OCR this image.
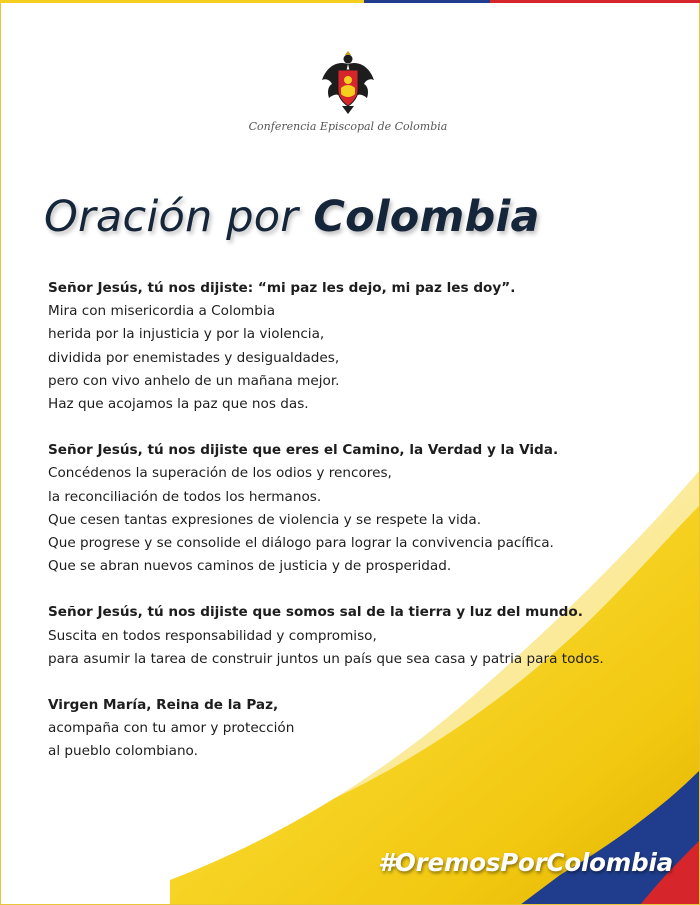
Conferencia Episcopal de Colombia
Oración por Colombia
Señor Jesús, tú nos dijiste: “mi paz les dejo, mi paz les doy”.
Mira con misericordia a Colombia
herida por la injusticia y por la violencia,
dividida por enemistades y desigualdades,
pero con vivo anhelo de un mañana mejor.
Haz que acojamos la paz que nos das.
Señor Jesús, tú nos dijiste que eres el Camino, la Verdad y la Vida.
Concédenos la superación de los odios y rencores,
la reconciliación de todos los hermanos.
Que cesen tantas expresiones de violencia y se respete la vida.
Que progrese y se consolide el diálogo para lograr la convivencia pacífica.
Que se abran nuevos caminos de justicia y de prosperidad.
Señor Jesús, tú nos dijiste que somos sal de la tierra y luz del mundo.
Suscita en todos responsabilidad y compromiso,
para asumir la tarea de construir juntos un país que sea casa y patria para todos.
Virgen María, Reina de la Paz,
acompaña con tu amor y protección
al pueblo colombiano.
#OremosPorColombia
